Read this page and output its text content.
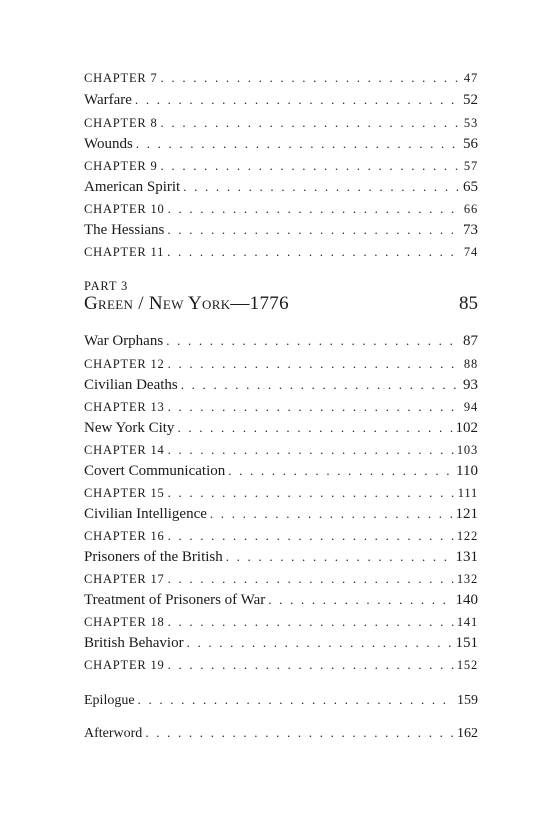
CHAPTER 7 . . .	47
Warfare . . .	52
CHAPTER 8 . . .	53
Wounds . . .	56
CHAPTER 9 . . .	57
American Spirit . . .	65
CHAPTER 10 . . .	66
The Hessians . . .	73
CHAPTER 11 . . .	74
PART 3
Green / New York—1776	85
War Orphans . . .	87
CHAPTER 12 . . .	88
Civilian Deaths . . .	93
CHAPTER 13 . . .	94
New York City . . .	102
CHAPTER 14 . . .	103
Covert Communication . . .	110
CHAPTER 15 . . .	111
Civilian Intelligence . . .	121
CHAPTER 16 . . .	122
Prisoners of the British . . .	131
CHAPTER 17 . . .	132
Treatment of Prisoners of War . . .	140
CHAPTER 18 . . .	141
British Behavior . . .	151
CHAPTER 19 . . .	152
Epilogue . . .	159
Afterword . . .	162
